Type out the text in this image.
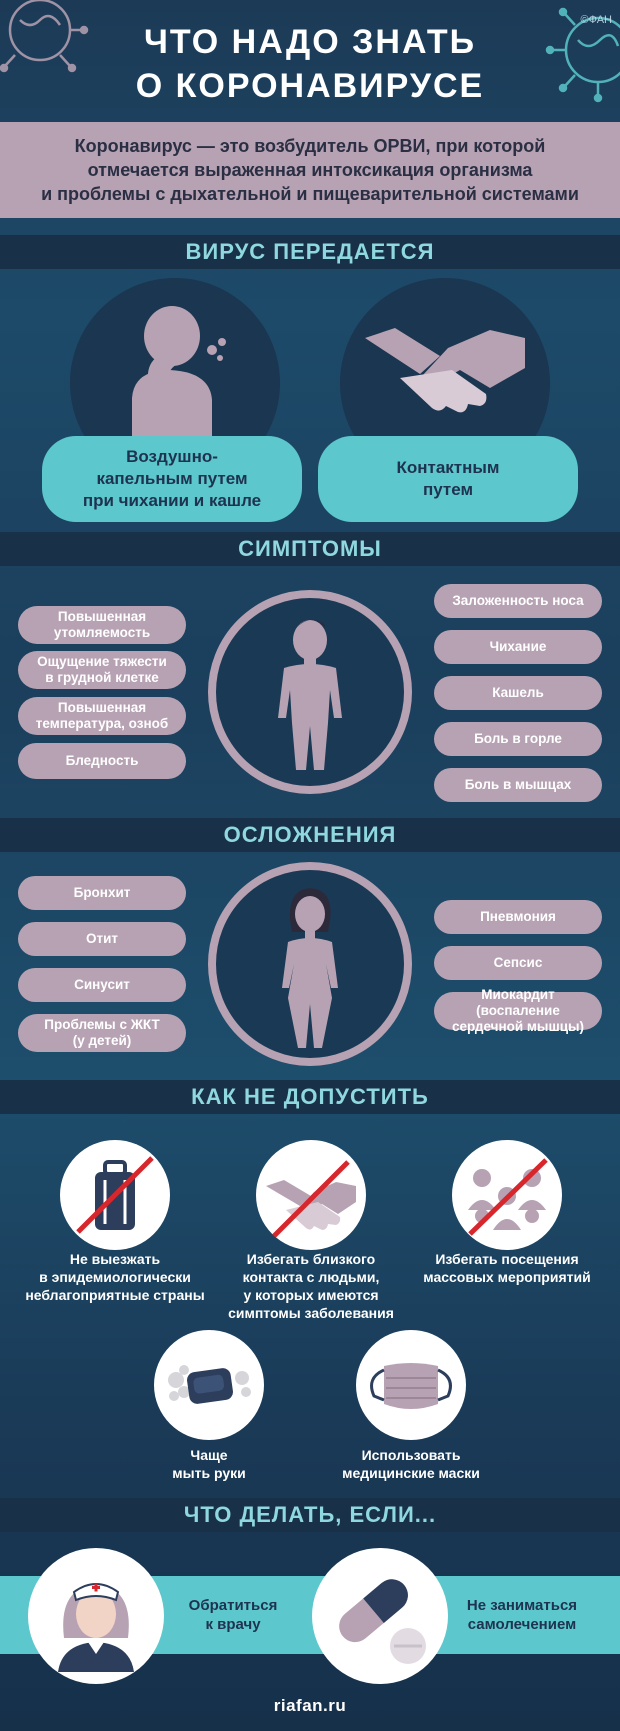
©ФАН
ЧТО НАДО ЗНАТЬ
О КОРОНАВИРУСЕ
Коронавирус — это возбудитель ОРВИ, при которой
отмечается выраженная интоксикация организма
и проблемы с дыхательной и пищеварительной системами
ВИРУС ПЕРЕДАЕТСЯ
Воздушно-
капельным путем
при чихании и кашле
Контактным
путем
СИМПТОМЫ
Повышенная
утомляемость
Ощущение тяжести
в грудной клетке
Повышенная
температура, озноб
Бледность
Заложенность носа
Чихание
Кашель
Боль в горле
Боль в мышцах
ОСЛОЖНЕНИЯ
Бронхит
Отит
Синусит
Проблемы с ЖКТ
(у детей)
Пневмония
Сепсис
Миокардит (воспаление
сердечной мышцы)
КАК НЕ ДОПУСТИТЬ
Не выезжать
в эпидемиологически
неблагоприятные страны
Избегать близкого
контакта с людьми,
у которых имеются
симптомы заболевания
Избегать посещения
массовых мероприятий
Чаще
мыть руки
Использовать
медицинские маски
ЧТО ДЕЛАТЬ, ЕСЛИ...
Обратиться
к врачу
Не заниматься
самолечением
riafan.ru
